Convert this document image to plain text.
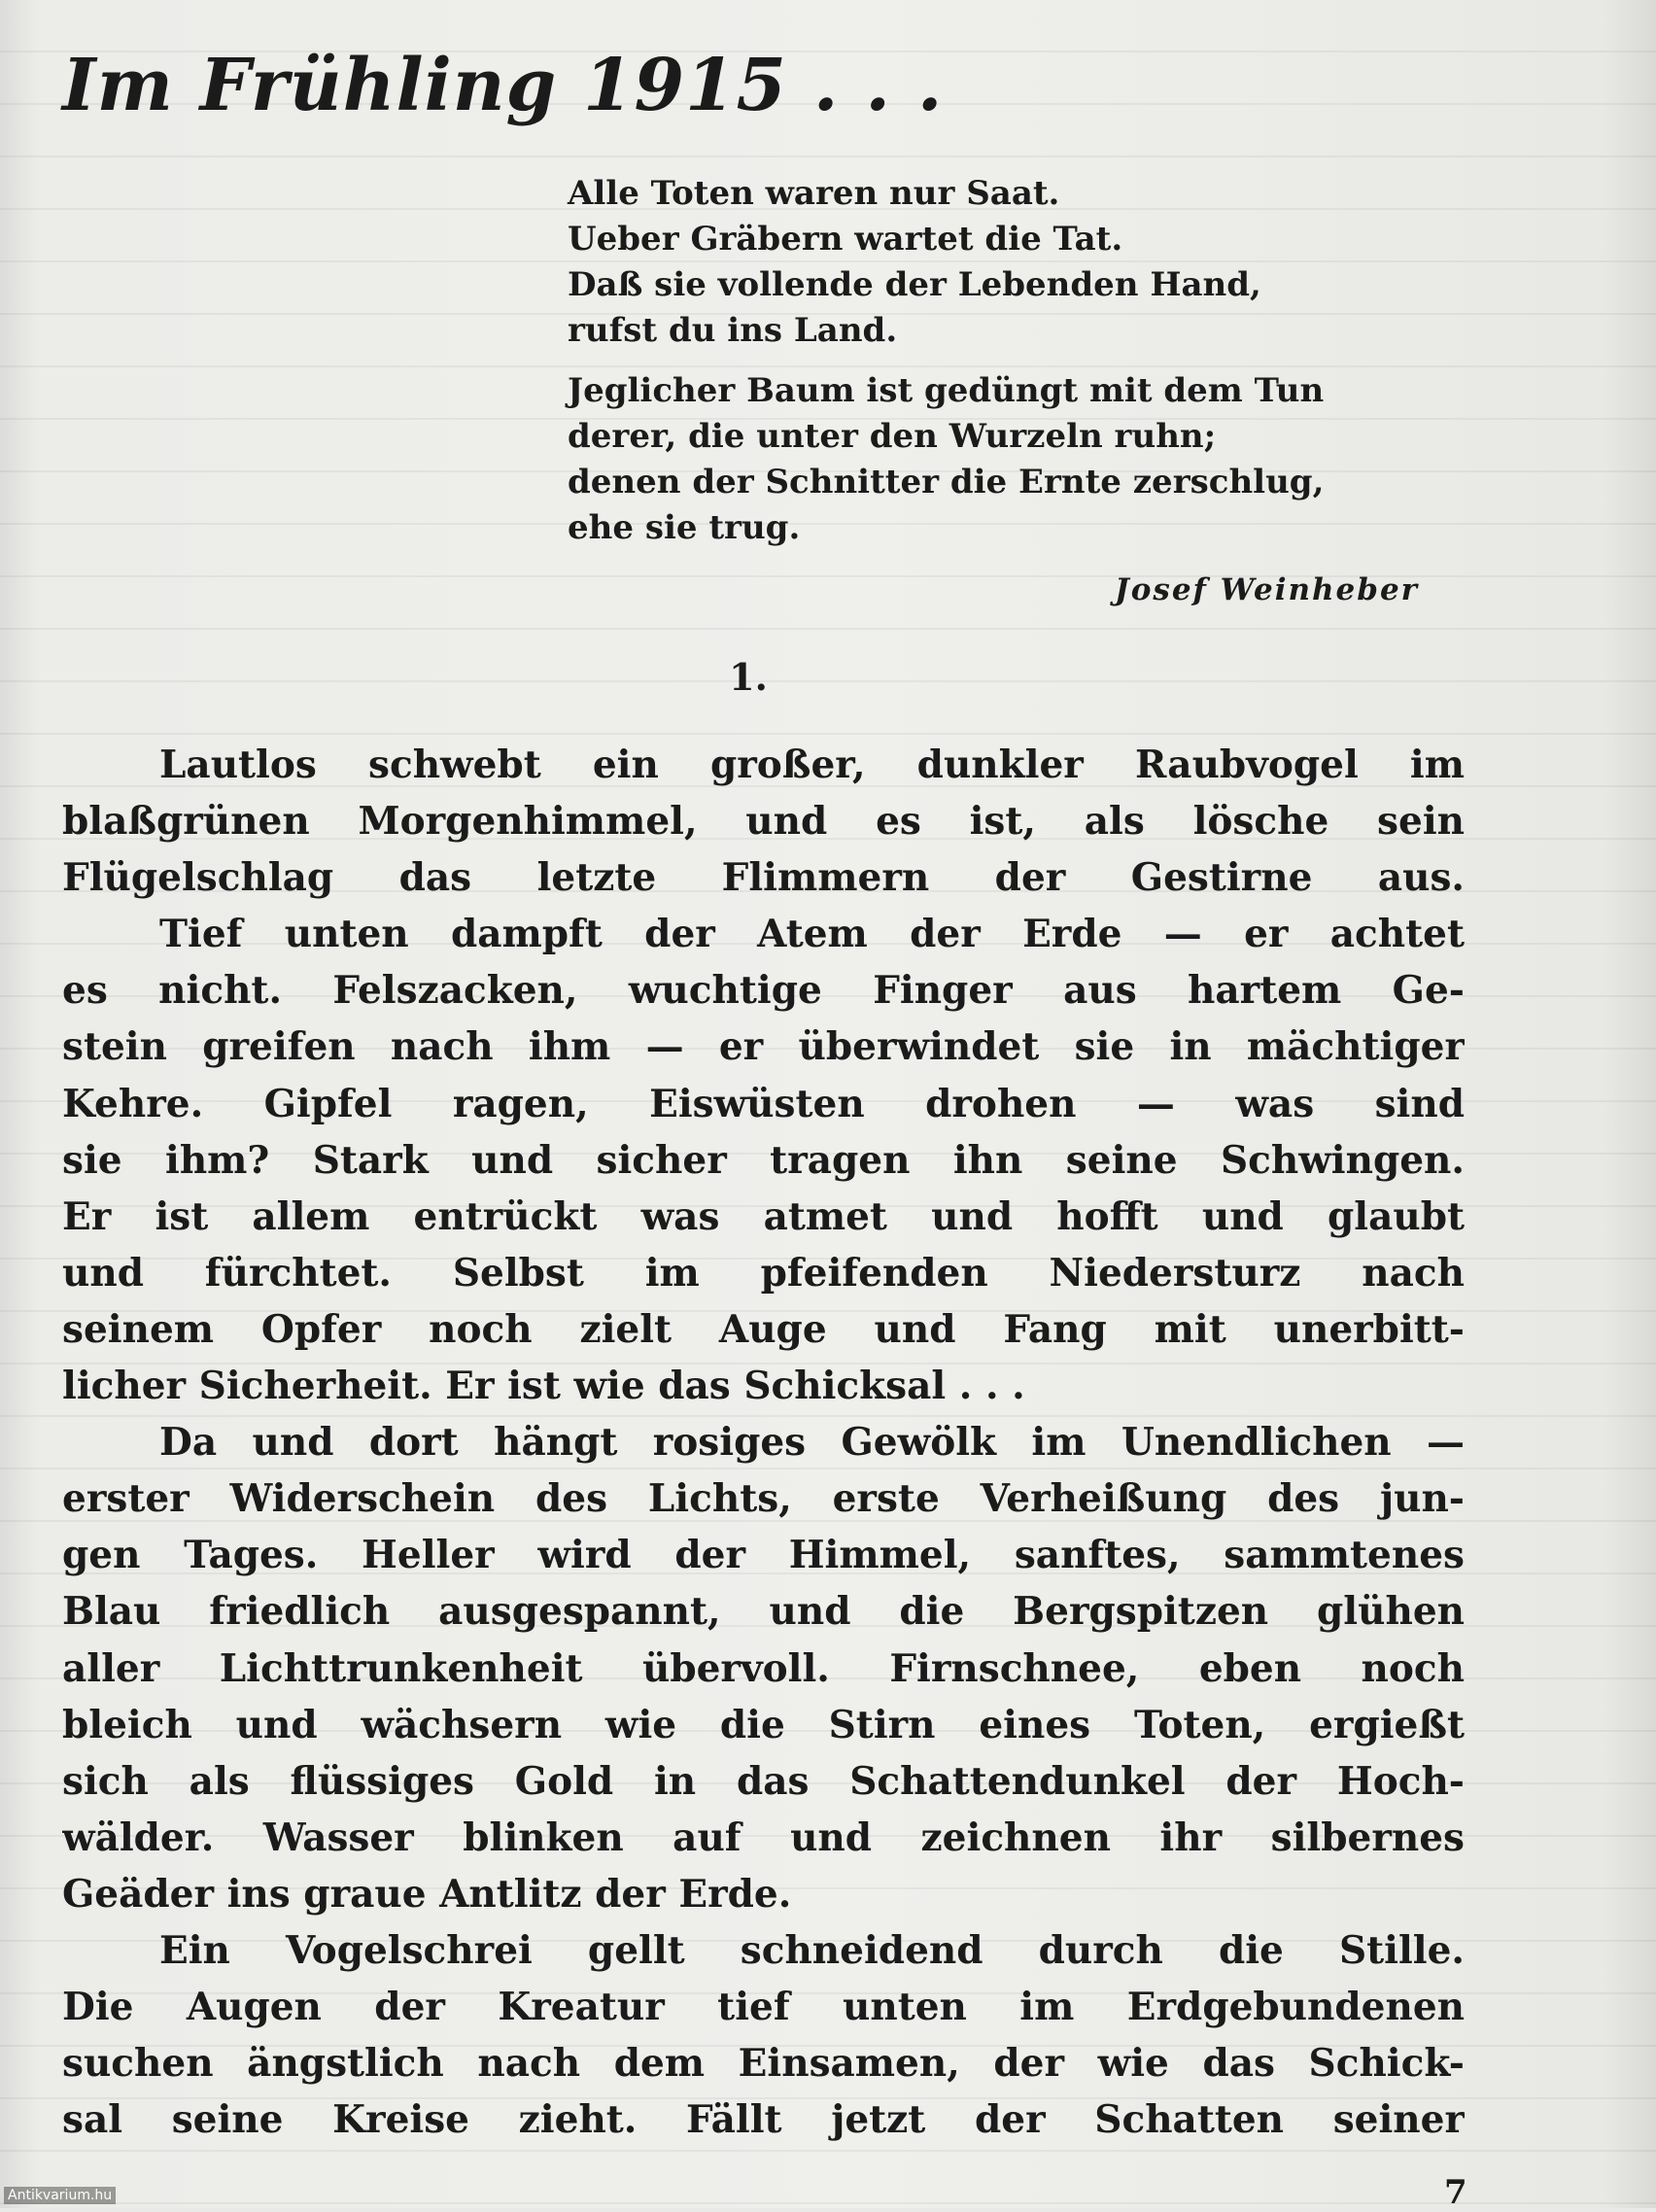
Im Frühling 1915 . . .
Alle Toten waren nur Saat.
Ueber Gräbern wartet die Tat.
Daß sie vollende der Lebenden Hand,
rufst du ins Land.
Jeglicher Baum ist gedüngt mit dem Tun
derer, die unter den Wurzeln ruhn;
denen der Schnitter die Ernte zerschlug,
ehe sie trug.
Josef Weinheber
1.
Lautlos schwebt ein großer, dunkler Raubvogel im
blaßgrünen Morgenhimmel, und es ist, als lösche sein
Flügelschlag das letzte Flimmern der Gestirne aus.
Tief unten dampft der Atem der Erde — er achtet
es nicht. Felszacken, wuchtige Finger aus hartem Ge-
stein greifen nach ihm — er überwindet sie in mächtiger
Kehre. Gipfel ragen, Eiswüsten drohen — was sind
sie ihm? Stark und sicher tragen ihn seine Schwingen.
Er ist allem entrückt was atmet und hofft und glaubt
und fürchtet. Selbst im pfeifenden Niedersturz nach
seinem Opfer noch zielt Auge und Fang mit unerbitt-
licher Sicherheit. Er ist wie das Schicksal . . .
Da und dort hängt rosiges Gewölk im Unendlichen —
erster Widerschein des Lichts, erste Verheißung des jun-
gen Tages. Heller wird der Himmel, sanftes, sammtenes
Blau friedlich ausgespannt, und die Bergspitzen glühen
aller Lichttrunkenheit übervoll. Firnschnee, eben noch
bleich und wächsern wie die Stirn eines Toten, ergießt
sich als flüssiges Gold in das Schattendunkel der Hoch-
wälder. Wasser blinken auf und zeichnen ihr silbernes
Geäder ins graue Antlitz der Erde.
Ein Vogelschrei gellt schneidend durch die Stille.
Die Augen der Kreatur tief unten im Erdgebundenen
suchen ängstlich nach dem Einsamen, der wie das Schick-
sal seine Kreise zieht. Fällt jetzt der Schatten seiner
7
Antikvarium.hu
